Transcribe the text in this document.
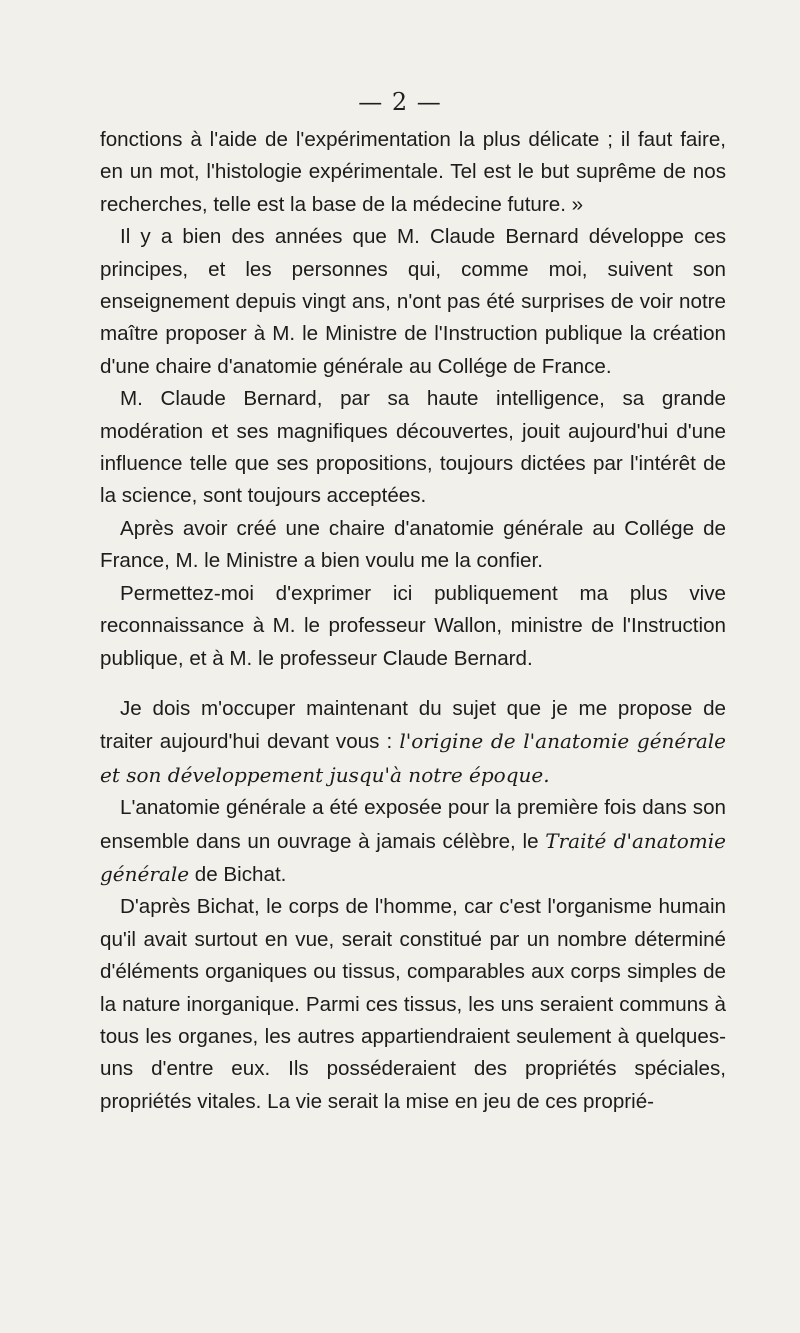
— 2 —

fonctions à l'aide de l'expérimentation la plus délicate ; il faut faire, en un mot, l'histologie expérimentale. Tel est le but suprême de nos recherches, telle est la base de la médecine future. »

Il y a bien des années que M. Claude Bernard développe ces principes, et les personnes qui, comme moi, suivent son enseignement depuis vingt ans, n'ont pas été surprises de voir notre maître proposer à M. le Ministre de l'Instruction publique la création d'une chaire d'anatomie générale au Collége de France.

M. Claude Bernard, par sa haute intelligence, sa grande modération et ses magnifiques découvertes, jouit aujourd'hui d'une influence telle que ses propositions, toujours dictées par l'intérêt de la science, sont toujours acceptées.

Après avoir créé une chaire d'anatomie générale au Collége de France, M. le Ministre a bien voulu me la confier.

Permettez-moi d'exprimer ici publiquement ma plus vive reconnaissance à M. le professeur Wallon, ministre de l'Instruction publique, et à M. le professeur Claude Bernard.

Je dois m'occuper maintenant du sujet que je me propose de traiter aujourd'hui devant vous : l'origine de l'anatomie générale et son développement jusqu'à notre époque.

L'anatomie générale a été exposée pour la première fois dans son ensemble dans un ouvrage à jamais célèbre, le Traité d'anatomie générale de Bichat.

D'après Bichat, le corps de l'homme, car c'est l'organisme humain qu'il avait surtout en vue, serait constitué par un nombre déterminé d'éléments organiques ou tissus, comparables aux corps simples de la nature inorganique. Parmi ces tissus, les uns seraient communs à tous les organes, les autres appartiendraient seulement à quelques-uns d'entre eux. Ils posséderaient des propriétés spéciales, propriétés vitales. La vie serait la mise en jeu de ces proprié-
